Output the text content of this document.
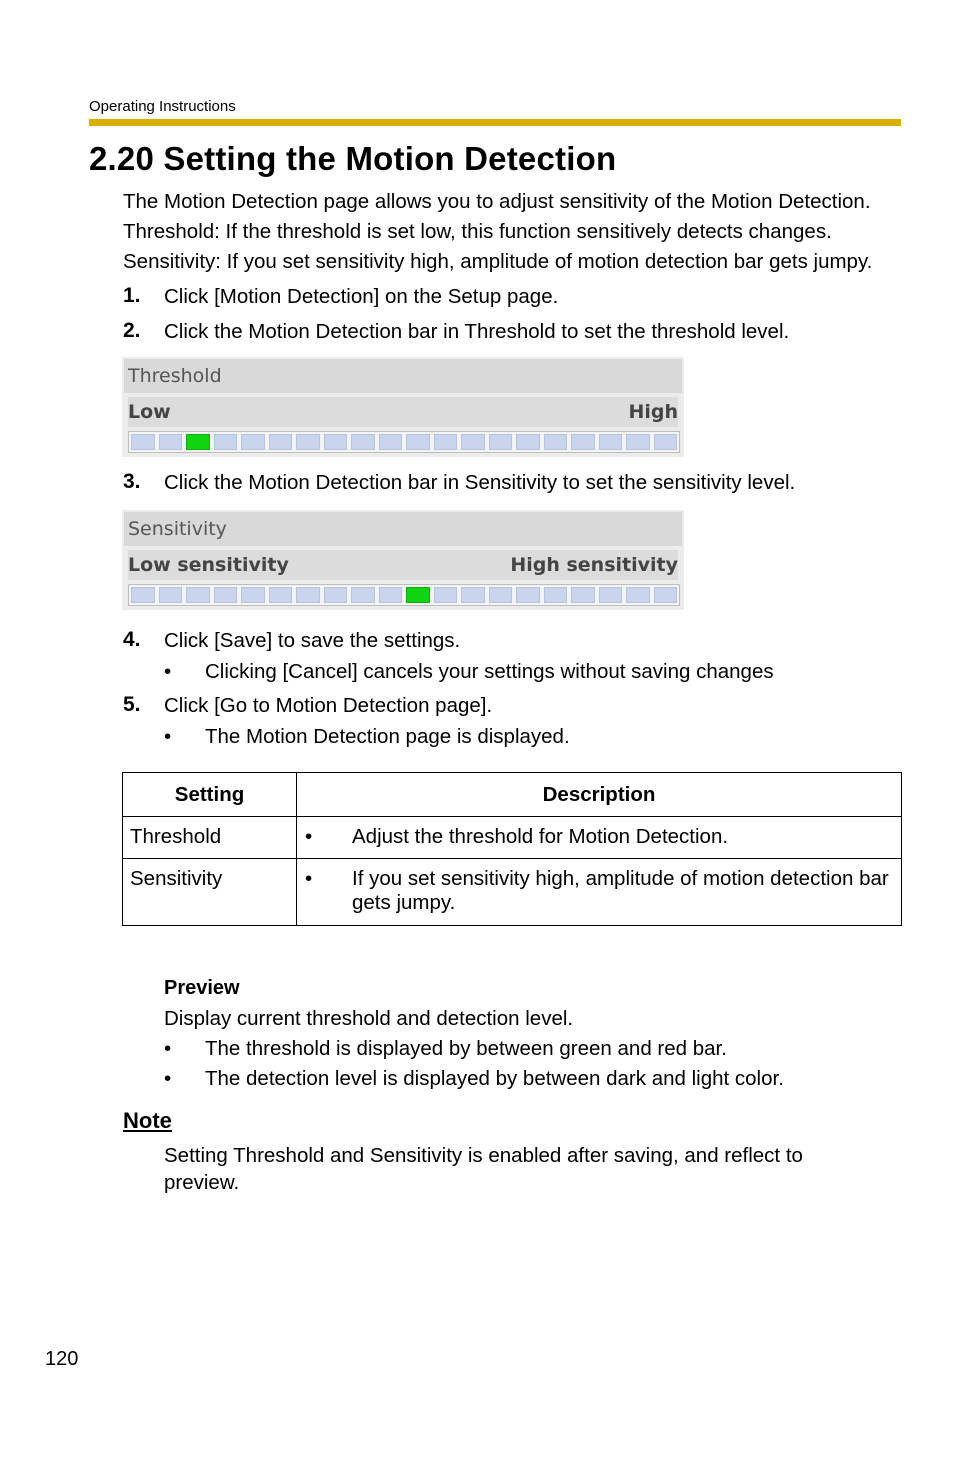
Operating Instructions
2.20 Setting the Motion Detection
The Motion Detection page allows you to adjust sensitivity of the Motion Detection.
Threshold: If the threshold is set low, this function sensitively detects changes.
Sensitivity: If you set sensitivity high, amplitude of motion detection bar gets jumpy.
1. Click [Motion Detection] on the Setup page.
2. Click the Motion Detection bar in Threshold to set the threshold level.
Threshold
Low	High
3. Click the Motion Detection bar in Sensitivity to set the sensitivity level.
Sensitivity
Low sensitivity	High sensitivity
4. Click [Save] to save the settings.
• Clicking [Cancel] cancels your settings without saving changes
5. Click [Go to Motion Detection page].
• The Motion Detection page is displayed.
Setting	Description
Threshold	• Adjust the threshold for Motion Detection.

Sensitivity	• If you set sensitivity high, amplitude of motion detection bar gets jumpy.
Preview
Display current threshold and detection level.
• The threshold is displayed by between green and red bar.
• The detection level is displayed by between dark and light color.
Note
Setting Threshold and Sensitivity is enabled after saving, and reflect to preview.
120
